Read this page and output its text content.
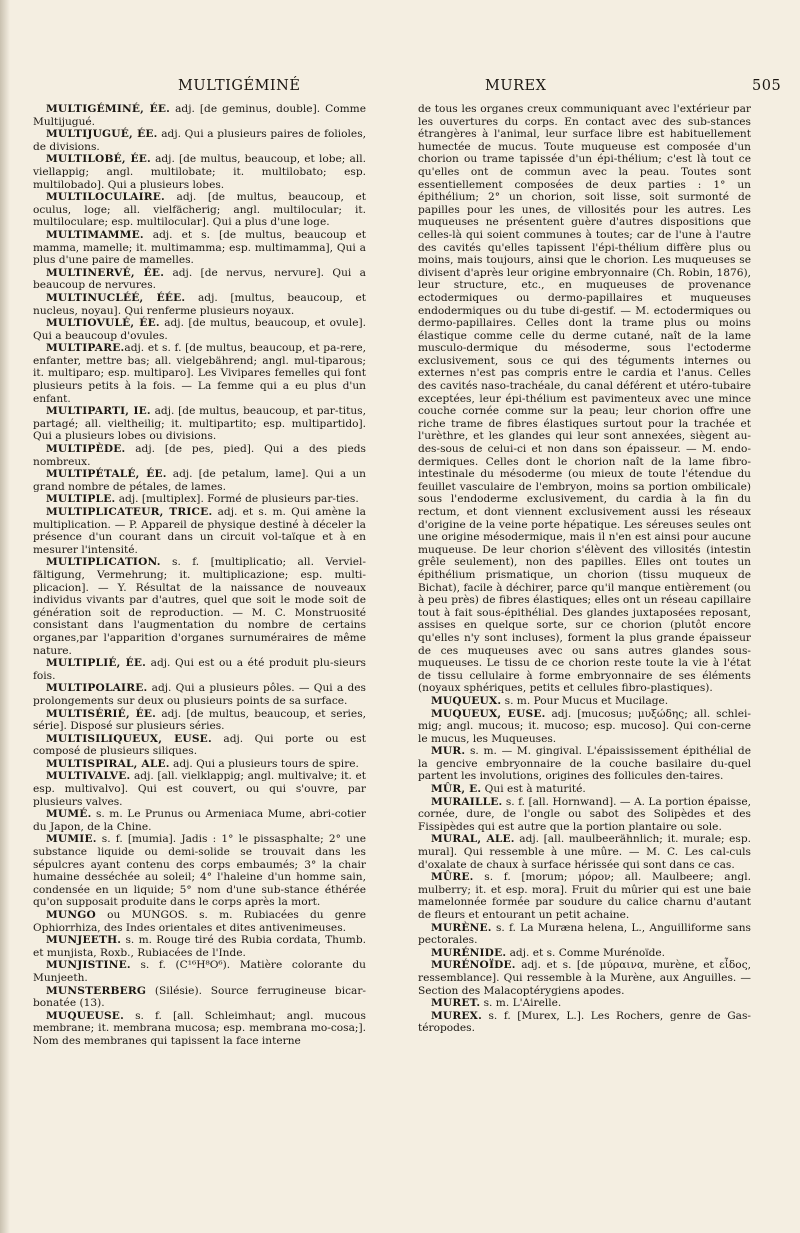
MULTIGÉMINÉ	MUREX	505

MULTIGÉMINÉ, ÉE. adj. [de geminus, double]. Comme Multijugué.

MULTIJUGUÉ, ÉE. adj. Qui a plusieurs paires de folioles, de divisions.

MULTILOBÉ, ÉE. adj. [de multus, beaucoup, et lobe; all. viellappig; angl. multilobate; it. multilobato; esp. multilobado]. Qui a plusieurs lobes.

MULTILOCULAIRE. adj. [de multus, beaucoup, et oculus, loge; all. vielfächerig; angl. multilocular; it. multiloculare; esp. multilocular]. Qui a plus d'une loge.

MULTIMAMME. adj. et s. [de multus, beaucoup et mamma, mamelle; it. multimamma; esp. multimamma], Qui a plus d'une paire de mamelles.

MULTINERVÉ, ÉE. adj. [de nervus, nervure]. Qui a beaucoup de nervures.

MULTINUCLÉÉ, ÉÉE. adj. [multus, beaucoup, et nucleus, noyau]. Qui renferme plusieurs noyaux.

MULTIOVULÉ, ÉE. adj. [de multus, beaucoup, et ovule]. Qui a beaucoup d'ovules.

MULTIPARE.adj. et s. f. [de multus, beaucoup, et pa-rere, enfanter, mettre bas; all. vielgebährend; angl. mul-tiparous; it. multiparo; esp. multiparo]. Les Vivipares femelles qui font plusieurs petits à la fois. — La femme qui a eu plus d'un enfant.

MULTIPARTI, IE. adj. [de multus, beaucoup, et par-titus, partagé; all. vieltheilig; it. multipartito; esp. multipartido]. Qui a plusieurs lobes ou divisions.

MULTIPÈDE. adj. [de pes, pied]. Qui a des pieds nombreux.

MULTIPÉTALÉ, ÉE. adj. [de petalum, lame]. Qui a un grand nombre de pétales, de lames.

MULTIPLE. adj. [multiplex]. Formé de plusieurs par-ties.

MULTIPLICATEUR, TRICE. adj. et s. m. Qui amène la multiplication. — P. Appareil de physique destiné à déceler la présence d'un courant dans un circuit vol-taïque et à en mesurer l'intensité.

MULTIPLICATION. s. f. [multiplicatio; all. Verviel-fältigung, Vermehrung; it. multiplicazione; esp. multi-plicacion]. — Y. Résultat de la naissance de nouveaux individus vivants par d'autres, quel que soit le mode soit de génération soit de reproduction. — M. C. Monstruosité consistant dans l'augmentation du nombre de certains organes,par l'apparition d'organes surnuméraires de même nature.

MULTIPLIÉ, ÉE. adj. Qui est ou a été produit plu-sieurs fois.

MULTIPOLAIRE. adj. Qui a plusieurs pôles. — Qui a des prolongements sur deux ou plusieurs points de sa surface.

MULTISÉRIÉ, ÉE. adj. [de multus, beaucoup, et series, série]. Disposé sur plusieurs séries.

MULTISILIQUEUX, EUSE. adj. Qui porte ou est composé de plusieurs siliques.

MULTISPIRAL, ALE. adj. Qui a plusieurs tours de spire.

MULTIVALVE. adj. [all. vielklappig; angl. multivalve; it. et esp. multivalvo]. Qui est couvert, ou qui s'ouvre, par plusieurs valves.

MUMÉ. s. m. Le Prunus ou Armeniaca Mume, abri-cotier du Japon, de la Chine.

MUMIE. s. f. [mumia]. Jadis : 1° le pissasphalte; 2° une substance liquide ou demi-solide se trouvait dans les sépulcres ayant contenu des corps embaumés; 3° la chair humaine desséchée au soleil; 4° l'haleine d'un homme sain, condensée en un liquide; 5° nom d'une sub-stance éthérée qu'on supposait produite dans le corps après la mort.

MUNGO ou MUNGOS. s. m. Rubiacées du genre Ophiorrhiza, des Indes orientales et dites antivenimeuses.

MUNJEETH. s. m. Rouge tiré des Rubia cordata, Thumb. et munjista, Roxb., Rubiacées de l'Inde.

MUNJISTINE. s. f. (C¹⁶H⁸O⁶). Matière colorante du Munjeeth.

MUNSTERBERG (Silésie). Source ferrugineuse bicar-bonatée (13).

MUQUEUSE. s. f. [all. Schleimhaut; angl. mucous membrane; it. membrana mucosa; esp. membrana mo-cosa;]. Nom des membranes qui tapissent la face interne

de tous les organes creux communiquant avec l'extérieur par les ouvertures du corps. En contact avec des sub-stances étrangères à l'animal, leur surface libre est habituellement humectée de mucus. Toute muqueuse est composée d'un chorion ou trame tapissée d'un épi-thélium; c'est là tout ce qu'elles ont de commun avec la peau. Toutes sont essentiellement composées de deux parties : 1° un épithélium; 2° un chorion, soit lisse, soit surmonté de papilles pour les unes, de villosités pour les autres. Les muqueuses ne présentent guère d'autres dispositions que celles-là qui soient communes à toutes; car de l'une à l'autre des cavités qu'elles tapissent l'épi-thélium diffère plus ou moins, mais toujours, ainsi que le chorion. Les muqueuses se divisent d'après leur origine embryonnaire (Ch. Robin, 1876), leur structure, etc., en muqueuses de provenance ectodermiques ou dermo-papillaires et muqueuses endodermiques ou du tube di-gestif. — M. ectodermiques ou dermo-papillaires. Celles dont la trame plus ou moins élastique comme celle du derme cutané, naît de la lame musculo-dermique du mésoderme, sous l'ectoderme exclusivement, sous ce qui des téguments internes ou externes n'est pas compris entre le cardia et l'anus. Celles des cavités naso-trachéale, du canal déférent et utéro-tubaire exceptées, leur épi-thélium est pavimenteux avec une mince couche cornée comme sur la peau; leur chorion offre une riche trame de fibres élastiques surtout pour la trachée et l'urèthre, et les glandes qui leur sont annexées, siègent au-des-sous de celui-ci et non dans son épaisseur. — M. endo-dermiques. Celles dont le chorion naît de la lame fibro-intestinale du mésoderme (ou mieux de toute l'étendue du feuillet vasculaire de l'embryon, moins sa portion ombilicale) sous l'endoderme exclusivement, du cardia à la fin du rectum, et dont viennent exclusivement aussi les réseaux d'origine de la veine porte hépatique. Les séreuses seules ont une origine mésodermique, mais il n'en est ainsi pour aucune muqueuse. De leur chorion s'élèvent des villosités (intestin grêle seulement), non des papilles. Elles ont toutes un épithélium prismatique, un chorion (tissu muqueux de Bichat), facile à déchirer, parce qu'il manque entièrement (ou à peu près) de fibres élastiques; elles ont un réseau capillaire tout à fait sous-épithélial. Des glandes juxtaposées reposant, assises en quelque sorte, sur ce chorion (plutôt encore qu'elles n'y sont incluses), forment la plus grande épaisseur de ces muqueuses avec ou sans autres glandes sous-muqueuses. Le tissu de ce chorion reste toute la vie à l'état de tissu cellulaire à forme embryonnaire de ses éléments (noyaux sphériques, petits et cellules fibro-plastiques).

MUQUEUX. s. m. Pour Mucus et Mucilage.

MUQUEUX, EUSE. adj. [mucosus; μυξώδης; all. schlei-mig; angl. mucous; it. mucoso; esp. mucoso]. Qui con-cerne le mucus, les Muqueuses.

MUR. s. m. — M. gingival. L'épaississement épithélial de la gencive embryonnaire de la couche basilaire du-quel partent les involutions, origines des follicules den-taires.

MÛR, E. Qui est à maturité.

MURAILLE. s. f. [all. Hornwand]. — A. La portion épaisse, cornée, dure, de l'ongle ou sabot des Solipèdes et des Fissipèdes qui est autre que la portion plantaire ou sole.

MURAL, ALE. adj. [all. maulbeerähnlich; it. murale; esp. mural]. Qui ressemble à une mûre. — M. C. Les cal-culs d'oxalate de chaux à surface hérissée qui sont dans ce cas.

MÛRE. s. f. [morum; μόρον; all. Maulbeere; angl. mulberry; it. et esp. mora]. Fruit du mûrier qui est une baie mamelonnée formée par soudure du calice charnu d'autant de fleurs et entourant un petit achaine.

MURÈNE. s. f. La Muræna helena, L., Anguilliforme sans pectorales.

MURÉNIDE. adj. et s. Comme Murénoïde.

MURÉNOÏDE. adj. et s. [de μύραινα, murène, et εἶδος, ressemblance]. Qui ressemble à la Murène, aux Anguilles. — Section des Malacoptérygiens apodes.

MURET. s. m. L'Airelle.

MUREX. s. f. [Murex, L.]. Les Rochers, genre de Gas-téropodes.
